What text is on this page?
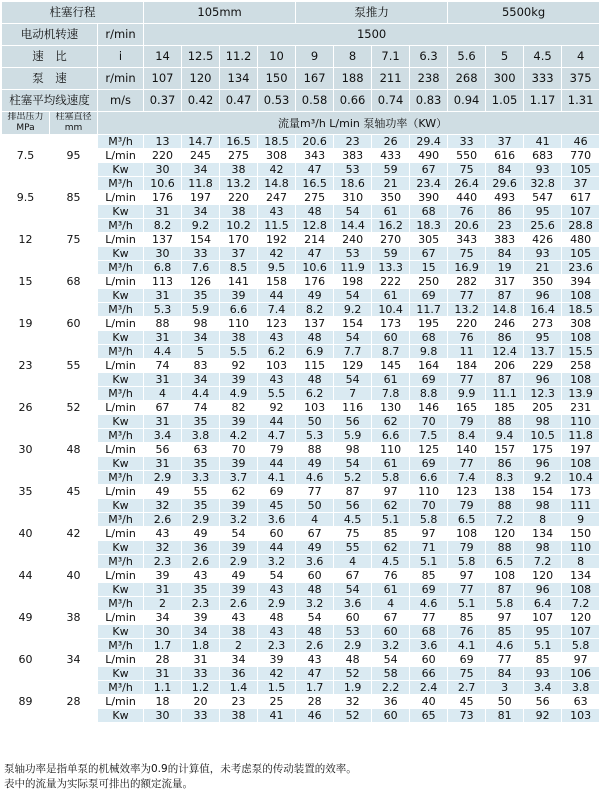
柱塞行程			105mm				泵推力				5500kg			
电动机转速		r/min	1500											
速　比		i	14	12.5	11.2	10	9	8	7.1	6.3	5.6	5	4.5	4
泵　速		r/min	107	120	134	150	167	188	211	238	268	300	333	375
柱塞平均线速度		m/s	0.37	0.42	0.47	0.53	0.58	0.66	0.74	0.83	0.94	1.05	1.17	1.31
排出压力 MPa	柱塞直径 mm	流量m³/h L/min 泵轴功率（KW）												
7.5	95	M³/h	13	14.7	16.5	18.5	20.6	23	26	29.4	33	37	41	46
		L/min	220	245	275	308	343	383	433	490	550	616	683	770
		Kw	30	34	38	42	47	53	59	67	75	84	93	105
9.5	85	M³/h	10.6	11.8	13.2	14.8	16.5	18.6	21	23.4	26.4	29.6	32.8	37
		L/min	176	197	220	247	275	310	350	390	440	493	547	617
		Kw	31	34	38	43	48	54	61	68	76	86	95	107
12	75	M³/h	8.2	9.2	10.2	11.5	12.8	14.4	16.2	18.3	20.6	23	25.6	28.8
		L/min	137	154	170	192	214	240	270	305	343	383	426	480
		Kw	30	33	37	42	47	53	59	67	75	84	93	105
15	68	M³/h	6.8	7.6	8.5	9.5	10.6	11.9	13.3	15	16.9	19	21	23.6
		L/min	113	126	141	158	176	198	222	250	282	317	350	394
		Kw	31	35	39	44	49	54	61	69	77	87	96	108
19	60	M³/h	5.3	5.9	6.6	7.4	8.2	9.2	10.4	11.7	13.2	14.8	16.4	18.5
		L/min	88	98	110	123	137	154	173	195	220	246	273	308
		Kw	31	34	38	43	48	54	60	68	76	86	95	108
23	55	M³/h	4.4	5	5.5	6.2	6.9	7.7	8.7	9.8	11	12.4	13.7	15.5
		L/min	74	83	92	103	115	129	145	164	184	206	229	258
		Kw	31	34	39	43	48	54	61	69	77	87	96	108
26	52	M³/h	4	4.4	4.9	5.5	6.2	7	7.8	8.8	9.9	11.1	12.3	13.9
		L/min	67	74	82	92	103	116	130	146	165	185	205	231
		Kw	31	35	39	44	50	56	62	70	79	88	98	110
30	48	M³/h	3.4	3.8	4.2	4.7	5.3	5.9	6.6	7.5	8.4	9.4	10.5	11.8
		L/min	56	63	70	79	88	98	110	125	140	157	175	197
		Kw	31	35	39	44	49	54	61	69	77	86	96	108
35	45	M³/h	2.9	3.3	3.7	4.1	4.6	5.2	5.8	6.6	7.4	8.3	9.2	10.4
		L/min	49	55	62	69	77	87	97	110	123	138	154	173
		Kw	32	35	39	45	50	56	62	70	79	88	98	111
40	42	M³/h	2.6	2.9	3.2	3.6	4	4.5	5.1	5.8	6.5	7.2	8	9
		L/min	43	49	54	60	67	75	85	97	108	120	134	150
		Kw	32	36	39	44	49	55	62	71	79	88	98	110
44	40	M³/h	2.3	2.6	2.9	3.2	3.6	4	4.5	5.1	5.8	6.5	7.2	8
		L/min	39	43	49	54	60	67	76	85	97	108	120	134
		Kw	31	35	39	43	48	54	61	69	77	87	96	108
49	38	M³/h	2	2.3	2.6	2.9	3.2	3.6	4	4.6	5.1	5.8	6.4	7.2
		L/min	34	39	43	48	54	60	67	77	85	97	107	120
		Kw	30	34	38	43	48	53	60	68	76	85	95	107
60	34	M³/h	1.7	1.8	2	2.3	2.6	2.9	3.2	3.6	4.1	4.6	5.1	5.8
		L/min	28	31	34	39	43	48	54	60	69	77	85	97
		Kw	31	33	36	42	47	52	58	66	75	84	93	106
89	28	M³/h	1.1	1.2	1.4	1.5	1.7	1.9	2.2	2.4	2.7	3	3.4	3.8
		L/min	18	20	23	25	28	32	36	40	45	50	56	63
		Kw	30	33	38	41	46	52	60	65	73	81	92	103
泵轴功率是指单泵的机械效率为0.9的计算值，未考虑泵的传动装置的效率。
表中的流量为实际泵可排出的额定流量。
